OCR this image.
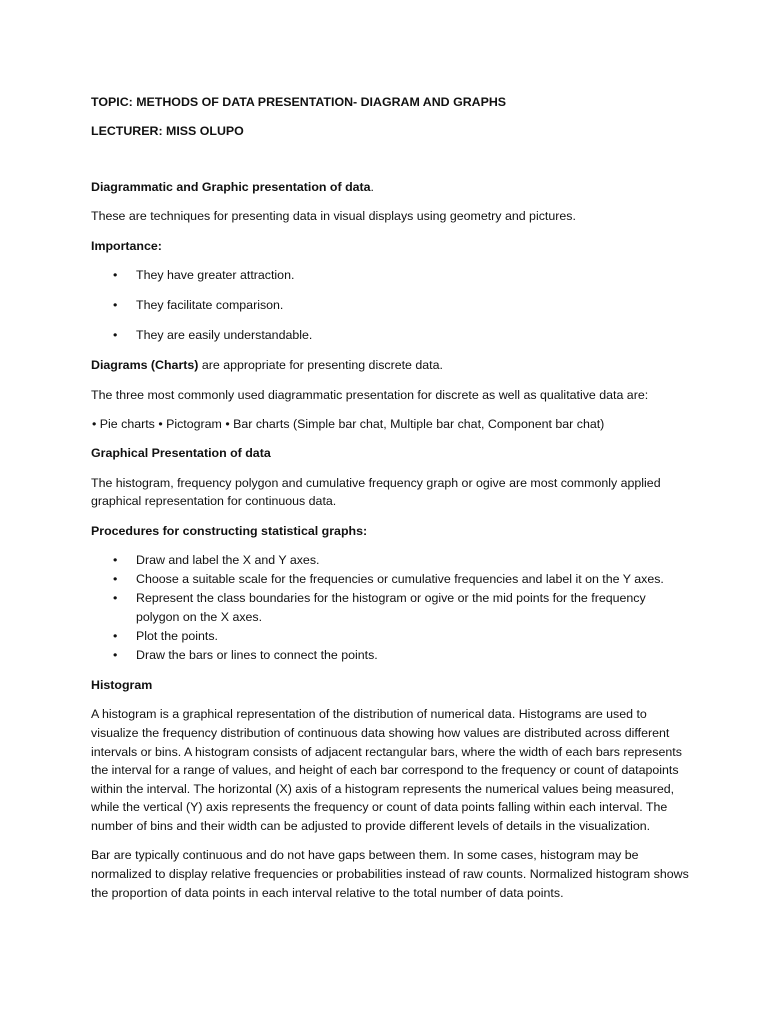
TOPIC: METHODS OF DATA PRESENTATION- DIAGRAM AND GRAPHS
LECTURER: MISS OLUPO
Diagrammatic and Graphic presentation of data.
These are techniques for presenting data in visual displays using geometry and pictures.
Importance:
• They have greater attraction.
• They facilitate comparison.
• They are easily understandable.
Diagrams (Charts) are appropriate for presenting discrete data.
The three most commonly used diagrammatic presentation for discrete as well as qualitative data are:
• Pie charts • Pictogram • Bar charts (Simple bar chat, Multiple bar chat, Component bar chat)
Graphical Presentation of data
The histogram, frequency polygon and cumulative frequency graph or ogive are most commonly applied graphical representation for continuous data.
Procedures for constructing statistical graphs:
• Draw and label the X and Y axes.
• Choose a suitable scale for the frequencies or cumulative frequencies and label it on the Y axes.
• Represent the class boundaries for the histogram or ogive or the mid points for the frequency polygon on the X axes.
• Plot the points.
• Draw the bars or lines to connect the points.
Histogram
A histogram is a graphical representation of the distribution of numerical data. Histograms are used to visualize the frequency distribution of continuous data showing how values are distributed across different intervals or bins. A histogram consists of adjacent rectangular bars, where the width of each bars represents the interval for a range of values, and height of each bar correspond to the frequency or count of datapoints within the interval. The horizontal (X) axis of a histogram represents the numerical values being measured, while the vertical (Y) axis represents the frequency or count of data points falling within each interval. The number of bins and their width can be adjusted to provide different levels of details in the visualization.
Bar are typically continuous and do not have gaps between them. In some cases, histogram may be normalized to display relative frequencies or probabilities instead of raw counts. Normalized histogram shows the proportion of data points in each interval relative to the total number of data points.
